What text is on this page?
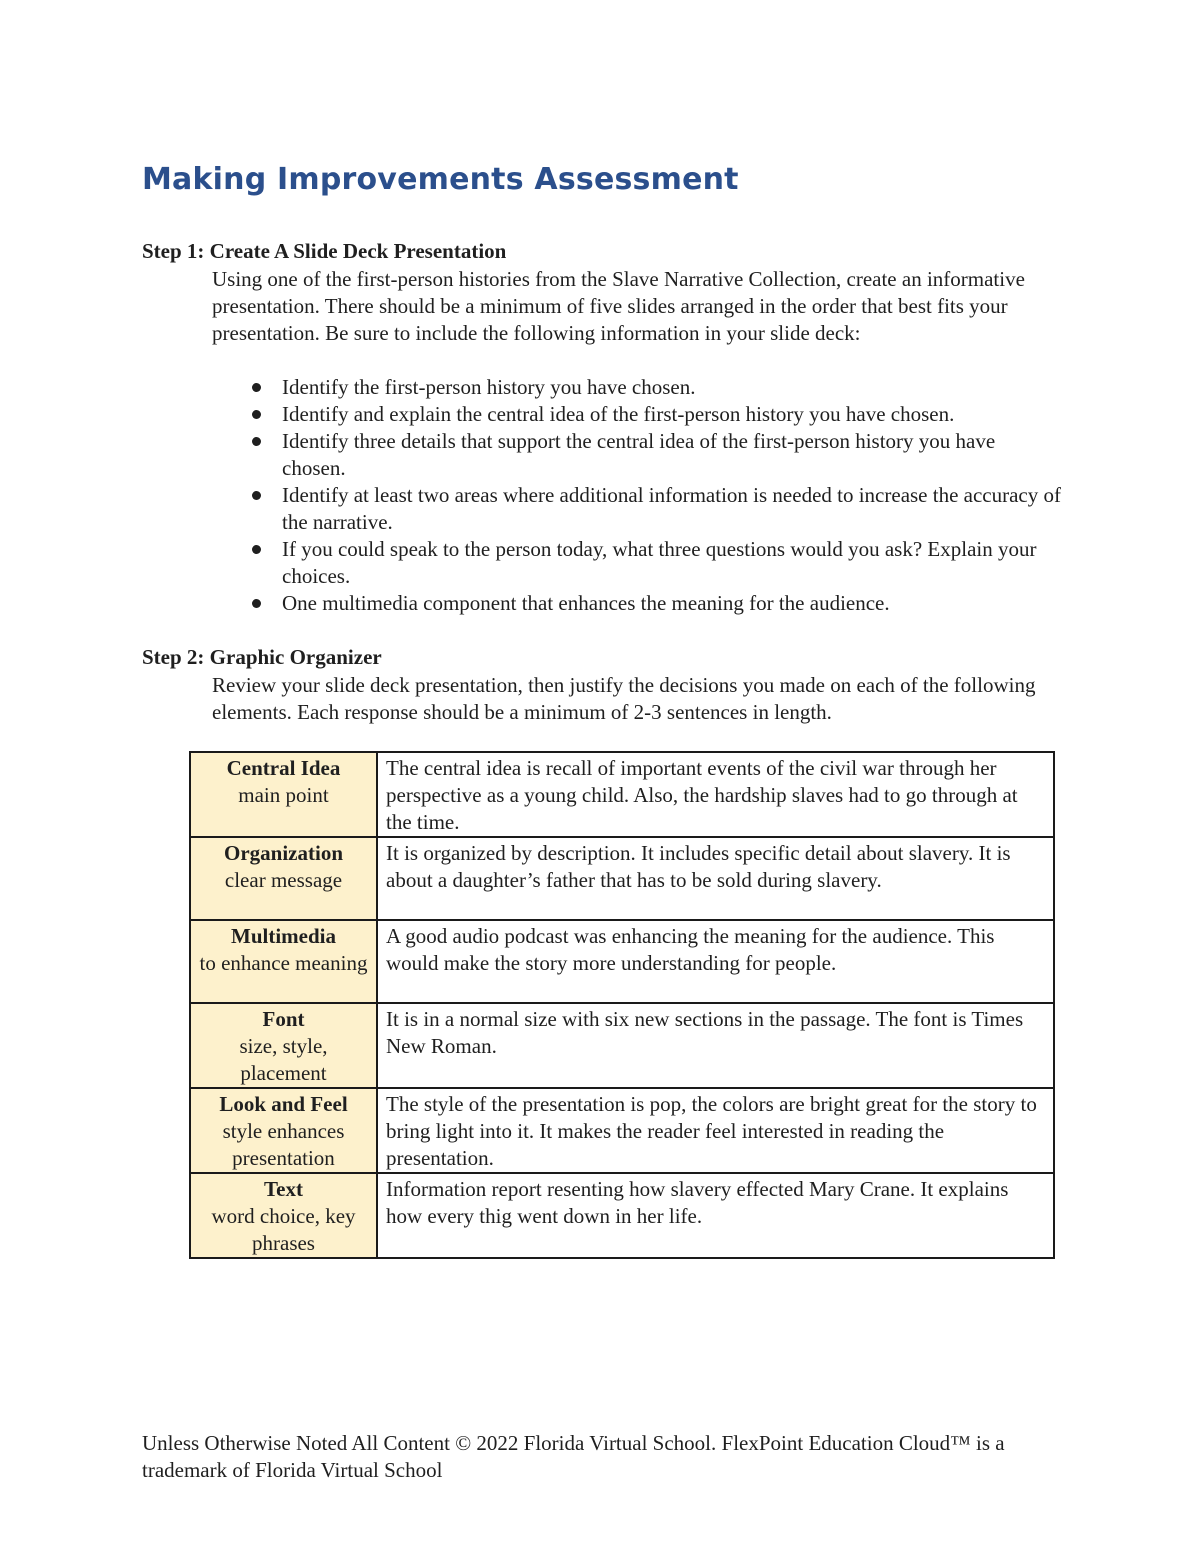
Making Improvements Assessment
Step 1: Create A Slide Deck Presentation

Using one of the first-person histories from the Slave Narrative Collection, create an informative presentation. There should be a minimum of five slides arranged in the order that best fits your presentation. Be sure to include the following information in your slide deck:

Identify the first-person history you have chosen.
Identify and explain the central idea of the first-person history you have chosen.
Identify three details that support the central idea of the first-person history you have chosen.
Identify at least two areas where additional information is needed to increase the accuracy of the narrative.
If you could speak to the person today, what three questions would you ask? Explain your choices.
One multimedia component that enhances the meaning for the audience.
Step 2: Graphic Organizer

Review your slide deck presentation, then justify the decisions you made on each of the following elements. Each response should be a minimum of 2-3 sentences in length.

Central Idea
main point	The central idea is recall of important events of the civil war through her perspective as a young child. Also, the hardship slaves had to go through at the time.

Organization
clear message	It is organized by description. It includes specific detail about slavery. It is about a daughter’s father that has to be sold during slavery.

Multimedia
to enhance meaning	A good audio podcast was enhancing the meaning for the audience. This would make the story more understanding for people.

Font
size, style, placement	It is in a normal size with six new sections in the passage. The font is Times New Roman.

Look and Feel
style enhances presentation	The style of the presentation is pop, the colors are bright great for the story to bring light into it. It makes the reader feel interested in reading the presentation.

Text
word choice, key phrases	Information report resenting how slavery effected Mary Crane. It explains how every thig went down in her life.

Unless Otherwise Noted All Content © 2022 Florida Virtual School. FlexPoint Education Cloud™ is a trademark of Florida Virtual School
